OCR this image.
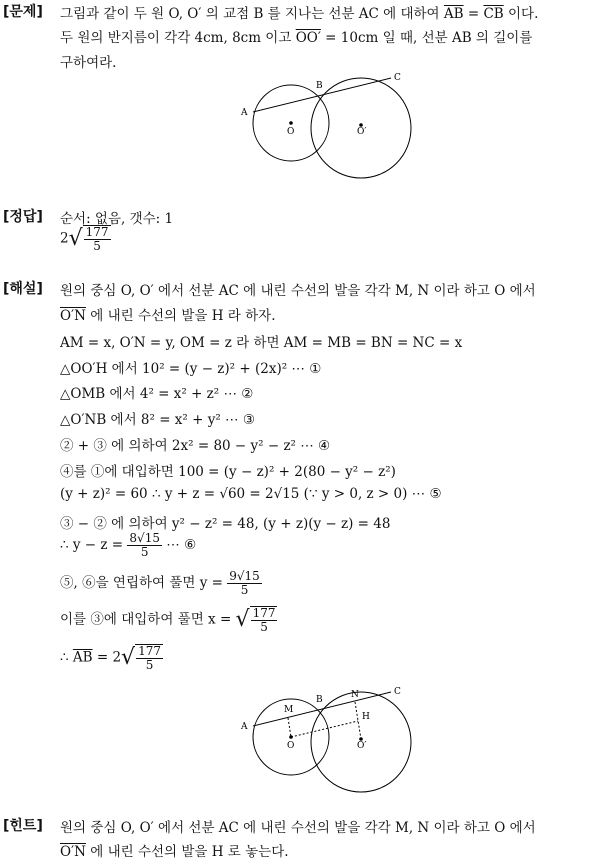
[문제] 그림과 같이 두 원 O, O′ 의 교점 B 를 지나는 선분 AC 에 대하여 $\overline{AB} = \overline{CB}$ 이다.
두 원의 반지름이 각각 4cm, 8cm 이고 OO′ = 10cm 일 때, 선분 AB 의 길이를
구하여라.
A
B
C
O	O′
[정답] 순서: 없음, 갯수: 1
$2√ \frac{177}{5}$
[해설] 원의 중심 O, O′ 에서 선분 AC 에 내린 수선의 발을 각각 M, N 이라 하고 O 에서
O′N 에 내린 수선의 발을 H 라 하자.
AM = x, O′N = y, OM = z 라 하면 AM = MB = BN = NC = x
△OO′H 에서 10² = (y − z)² + (2x)² ⋯ ①
△OMB 에서 4² = x² + z² ⋯ ②
△O′NB 에서 8² = x² + y² ⋯ ③
② + ③ 에 의하여 2x² = 80 − y² − z² ⋯ ④
④를 ①에 대입하면 100 = (y − z)² + 2(80 − y² − z²)
(y + z)² = 60 ∴ y + z = √60 = 2√15 (∵ y > 0, z > 0) ⋯ ⑤
③ − ② 에 의하여 y² − z² = 48, (y + z)(y − z) = 48
∴ $y - z = \frac{8√15}{5}$ ⋯ ⑥
⑤, ⑥을 연립하여 풀면 $y = \frac{9√15}{5}$
이를 ③에 대입하여 풀면 x = √ $\frac{177}{5}$
∴ $\overline{AB} = 2√ \frac{177}{5}$
A
B
C
M
N
H
O	O′
[힌트] 원의 중심 O, O′ 에서 선분 AC 에 내린 수선의 발을 각각 M, N 이라 하고 O 에서
O′N 에 내린 수선의 발을 H 로 놓는다.
